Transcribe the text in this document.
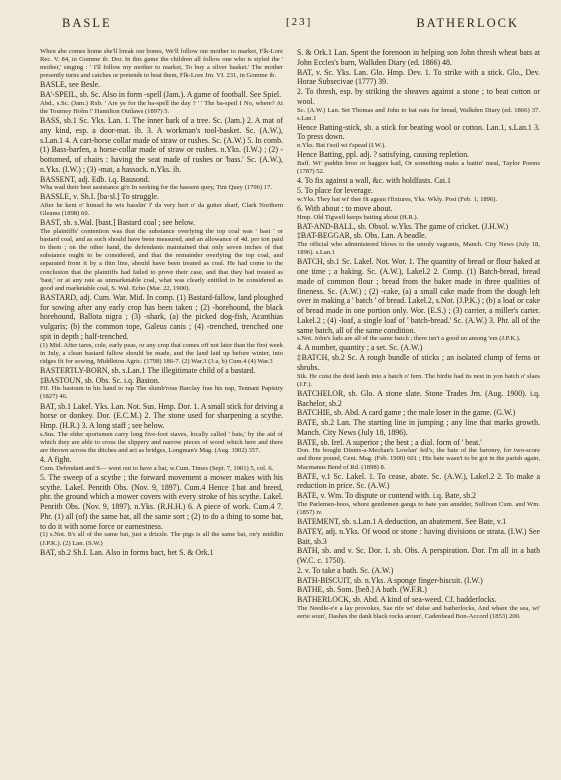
BASLE	[23]	BATHERLOCK

When abe comes home she'll break our bones, We'll follow our mother to market, Flk-Lore Rec. V. 84, in Gomme ib. Dor. In this game the children all follow one who is styled the ' mother,' singing : ' I'll follow my mother to market, To buy a silver basket.' The mother presently turns and catches or pretends to beat them, Flk-Lore Jrn. VI. 231, in Gomme ib.

BASLE, see Besle.

BA'-SPEIL, sb. Sc. Also in form -spell (Jam.). A game of football. See Spiel.

Abd., s.Sc. (Jam.) Rxb. ' Are ye for the ba-spell the day ? ' ' The ba-speil I No, where? At the Tourney Holm !' Hamilton Outlaws (1897) 5.

BASS, sb.1 Sc. Yks. Lan. 1. The inner bark of a tree. Sc. (Jam.) 2. A mat of any kind, esp. a door-mat. ib. 3. A workman's tool-basket. Sc. (A.W.), s.Lan.1 4. A cart-horse collar made of straw or rushes. Sc. (A.W.) 5. In comb. (1) Bass-barfen, a horse-collar made of straw or rushes. n.Yks. (I.W.) ; (2) -bottomed, of chairs : having the seat made of rushes or 'bass.' Sc. (A.W.), n.Yks. (I.W.) ; (3) -mat, a hassock. n.Yks. ib.

BASSENT, adj. Edb. i.q. Bausond.

Wha wad their best assistance gi'e In seeking for the bassent quey, Tint Quey (1796) 17.

BASSLE, v. Sh.I. [ba·sl.] To struggle.

After he kent o' himsel he wis basslin' f' da very hert o' da gutter sharf, Clark Northern Gleams (1898) 60.

BAST, sb. s.Wal. [bast.] Bastard coal ; see below.

The plaintiffs' contention was that the substance overlying the top coal was ' bast ' or bastard coal, and as such should have been measured, and an allowance of 4d. per ton paid to them ; on the other hand, the defendants maintained that only seven inches of that substance ought to be considered, and that the remainder overlying the top coal, and separated from it by a thin line, should have been treated as coal. He had come to the conclusion that the plaintiffs had failed to prove their case, and that they had treated as 'bast,' or at any rate as unmarketable coal, what was clearly entitled to be considered as good and marketable coal, S. Wal. Echo (Mar. 22, 1900).

BASTARD, adj. Cum. War. Mid. In comp. (1) Bastard-fallow, land ploughed for sowing after any early crop has been taken ; (2) -horehound, the black horehound, Ballota nigra ; (3) -shark, (a) the picked dog-fish, Acanthias vulgaris; (b) the common tope, Galeus canis ; (4) -trenched, trenched one spit in depth ; half-trenched.

(1) Mid. After tares, cole, early peas, or any crop that comes off not later than the first week in July, a clean bastard fallow should be made, and the land laid up before winter, into ridges fit for sowing, Middleton Agric. (1798) 186-7. (2) War.3 (3 a, b) Cum.4 (4) War.3

BASTERTLY-BORN, sb. s.Lan.1 The illegitimate child of a bastard.

‡BASTOUN, sb. Obs. Sc. i.q. Baston.

Fif. His bastoun in his hand to rap The slumb'rous Barclay frae his nap, Tennant Papistry (1827) 46.

BAT, sb.1 Lakel. Yks. Lan. Not. Sus. Hmp. Dor. 1. A small stick for driving a horse or donkey. Dor. (E.C.M.) 2. The stone used for sharpening a scythe. Hmp. (H.R.) 3. A long staff ; see below.

s.Sus. The elder sportsmen carry long five-foot staves, locally called ' bats,' by the aid of which they are able to cross the slippery and narrow pieces of wood which here and there are thrown across the ditches and act as bridges, Longman's Mag. (Aug. 1902) 357.

4. A fight.

Cum. Defendant and S— went out to have a bat, w.Cum. Times (Sept. 7, 1901) 5, col. 6.

5. The sweep of a scythe ; the forward movement a mower makes with his scythe. Lakel. Penrith Obs. (Nov. 9, 1897). Cum.4 Hence ‡bat and breed, phr. the ground which a mower covers with every stroke of his scythe. Lakel. Penrith Obs. (Nov. 9, 1897). n.Yks. (R.H.H.) 6. A piece of work. Cum.4 7. Phr. (1) all (of) the same bat, all the same sort ; (2) to do a thing to some bat, to do it with some force or earnestness.

(1) s.Not. It's all of the same bat, just a drizzle. The pigs is all the same bat, on'y middlin (J.P.K.). (2) Lan. (S.W.)

BAT, sb.2 Sh.I. Lan. Also in forms bact, bet S. & Ork.1

S. & Ork.1 Lan. Spent the forenoon in helping son John thresh wheat bats at John Eccles's barn, Walkden Diary (ed. 1866) 48.

BAT, v. Sc. Yks. Lan. Glo. Hmp. Dev. 1. To strike with a stick. Glo., Dev. Horae Subsecivae (1777) 39.

2. To thresh, esp. by striking the sheaves against a stone ; to beat cotton or wool.

Sc. (A.W.) Lan. Set Thomas and John to bat oats for bread, Walkden Diary (ed. 1866) 37. s.Lan.1

Hence Batting-stick, sb. a stick for beating wool or cotton. Lan.1, s.Lan.1 3. To press down.

n.Yks. Bat t'soil wi t'spead (I.W.).

Hence Batting, ppl. adj. ? satisfying, causing repletion.

Baff. Wi' puddin broo or haggies kail, Or something maks a battin' meal, Taylor Poems (1787) 52.

4. To fix against a wall, &c. with holdfasts. Cai.1

5. To place for leverage.

w.Yks. They bat wi' ther fit agean t'fixtures, Yks. Wkly. Post (Feb. 1, 1896).

6. With about : to move about.

Hmp. Old Tigwell keeps batting about (H.R.).

BAT-AND-BALL, sb. Obsol. w.Yks. The game of cricket. (J.H.W.)

‡BAT-BEGGAR, sb. Obs. Lan. A beadle.

The official who administered blows to the unruly vagrants, Manch. City News (July 18, 1896). s.Lan.1

BATCH, sb.1 Sc. Lakel. Not. Wor. 1. The quantity of bread or flour baked at one time ; a baking. Sc. (A.W.), Lakel.2 2. Comp. (1) Batch-bread, bread made of common flour ; bread from the baker made in three qualities of fineness. Sc. (A.W.) ; (2) -cake, (a) a small cake made from the dough left over in making a ' batch ' of bread. Lakel.2, s.Not. (J.P.K.) ; (b) a loaf or cake of bread made in one portion only. Wor. (E.S.) ; (3) carrier, a miller's carter. Lakel.2 ; (4) -loaf, a single loaf of ' batch-bread.' Sc. (A.W.) 3. Phr. all of the same batch, all of the same condition.

s.Not. John's lads are all of the same batch ; there isn't a good un among 'em (J.P.K.).

4. A number, quantity ; a set. Sc. (A.W.)

‡BATCH, sb.2 Sc. A rough bundle of sticks ; an isolated clump of ferns or shrubs.

Stk. He cuist the deid lamb into a batch o' fern. The birdie had its nest in yon batch o' slaes (J.F.).

BATCHELOR, sb. Glo. A stone slate. Stone Trades Jrn. (Aug. 1900). i.q. Bachelor, sb.2

BATCHIE, sb. Abd. A card game ; the male loser in the game. (G.W.)

BATE, sb.2 Lan. The starting line in jumping ; any line that marks growth. Manch. City News (July 18, 1896).

BATE, sb. Irel. A superior ; the best ; a dial. form of ' beat.'

Don. He bought Dinnis-a-Mechan's Lowlan' feil's, the bate of the baronry, for two-score and three pound, Cent. Mag. (Feb. 1900) 601 ; His bate wasn't to be got in the parish again, Macmanus Bend of Rd. (1898) 8.

BATE, v.1 Sc. Lakel. 1. To cease, abate. Sc. (A.W.), Lakel.2 2. To make a reduction in price. Sc. (A.W.)

BATE, v. Wm. To dispute or contend with. i.q. Bate, sb.2

The Parlemen-hoos, whore gentlemen gangs to bate yan anudder, Sullivan Cum. and Wm. (1857) iv.

BATEMENT, sb. s.Lan.1 A deduction, an abatement. See Bate, v.1

BATEY, adj. n.Yks. Of wood or stone : having divisions or strata. (I.W.) See Bait, sb.3

BATH, sb. and v. Sc. Dor. 1. sb. Obs. A perspiration. Dor. I'm all in a bath (W.C. c. 1750).

2. v. To take a bath. Sc. (A.W.)

BATH-BISCUIT, sb. n.Yks. A sponge finger-biscuit. (I.W.)

BATHE, sb. Som. [beð.] A bath. (W.F.R.)

BATHERLOCK, sb. Abd. A kind of sea-weed. Cf. badderlocks.

The Needle-e'e a lay provokes, Sae rife wi' dulse and batherlocks, And whare the sea, wi' eerie soun', Dashes the dank black rocks aroun', Cadenhead Bon-Accord (1853) 200.
